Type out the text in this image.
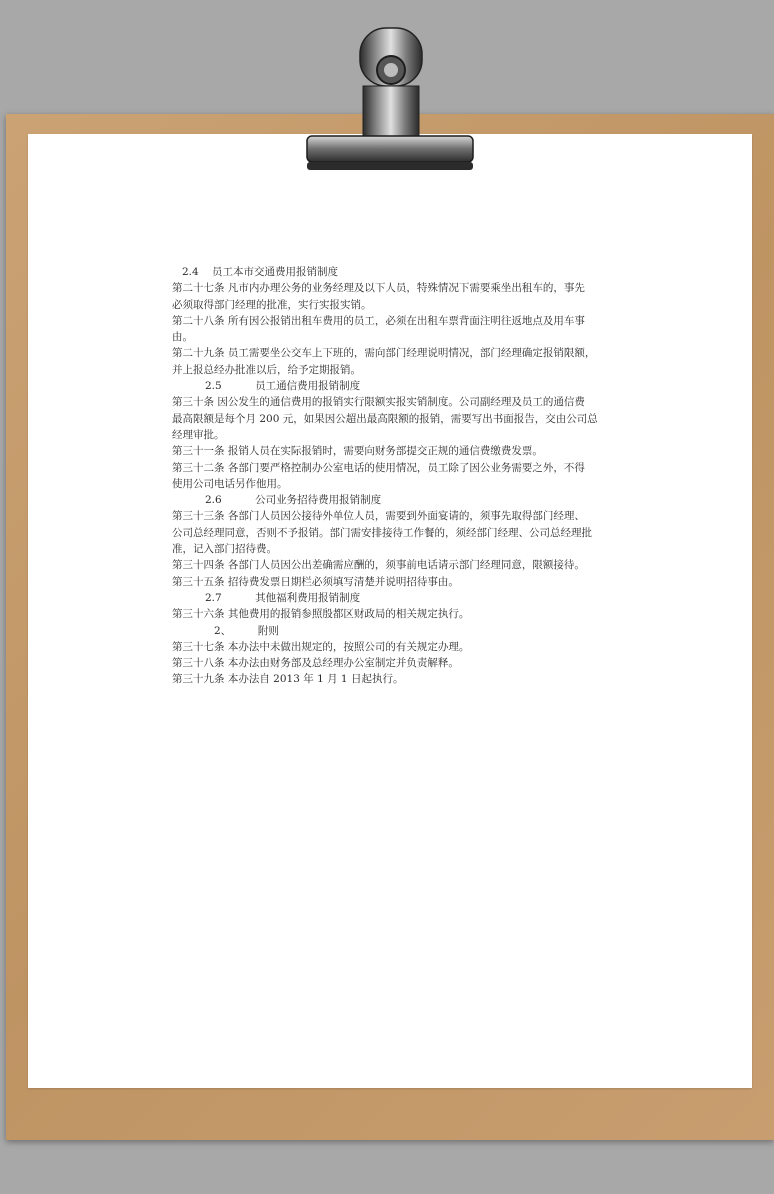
2.4    员工本市交通费用报销制度
第二十七条 凡市内办理公务的业务经理及以下人员，特殊情况下需要乘坐出租车的，事先
必须取得部门经理的批准，实行实报实销。
第二十八条 所有因公报销出租车费用的员工，必须在出租车票背面注明往返地点及用车事
由。
第二十九条 员工需要坐公交车上下班的，需向部门经理说明情况，部门经理确定报销限额，
并上报总经办批准以后，给予定期报销。
2.5          员工通信费用报销制度
第三十条 因公发生的通信费用的报销实行限额实报实销制度。公司副经理及员工的通信费
最高限额是每个月 200 元，如果因公超出最高限额的报销，需要写出书面报告，交由公司总
经理审批。
第三十一条 报销人员在实际报销时，需要向财务部提交正规的通信费缴费发票。
第三十二条 各部门要严格控制办公室电话的使用情况，员工除了因公业务需要之外，不得
使用公司电话另作他用。
2.6          公司业务招待费用报销制度
第三十三条 各部门人员因公接待外单位人员，需要到外面宴请的，须事先取得部门经理、
公司总经理同意，否则不予报销。部门需安排接待工作餐的，须经部门经理、公司总经理批
准，记入部门招待费。
第三十四条 各部门人员因公出差确需应酬的，须事前电话请示部门经理同意，限额接待。
第三十五条 招待费发票日期栏必须填写清楚并说明招待事由。
2.7          其他福利费用报销制度
第三十六条 其他费用的报销参照殷都区财政局的相关规定执行。
2、        附则
第三十七条 本办法中未做出规定的，按照公司的有关规定办理。
第三十八条 本办法由财务部及总经理办公室制定并负责解释。
第三十九条 本办法自 2013 年 1 月 1 日起执行。
